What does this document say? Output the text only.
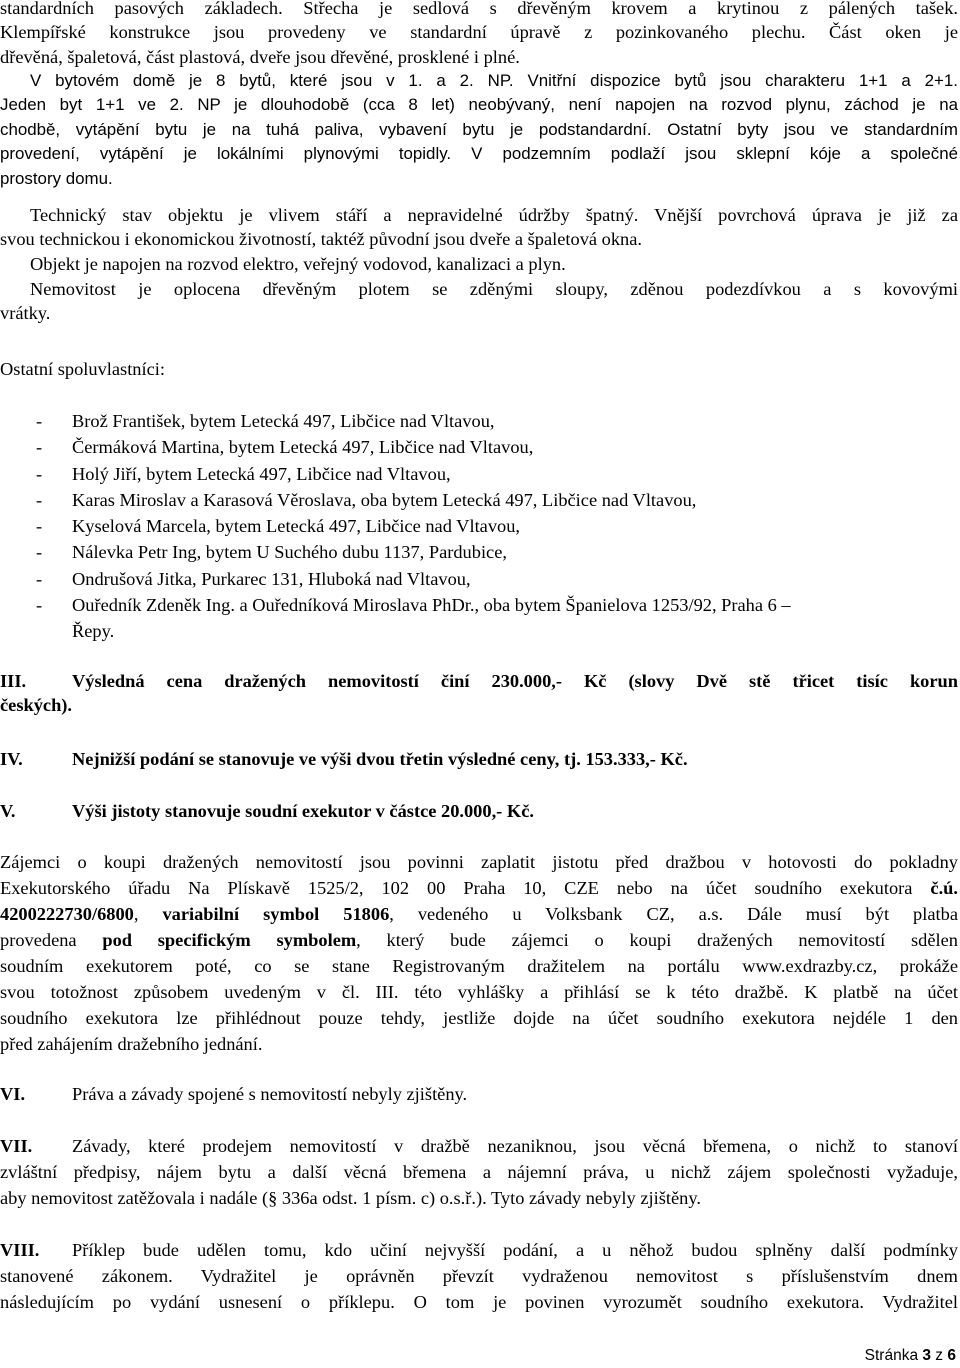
standardních pasových základech. Střecha je sedlová s dřevěným krovem a krytinou z pálených tašek.
Klempířské konstrukce jsou provedeny ve standardní úpravě z pozinkovaného plechu. Část oken je
dřevěná, špaletová, část plastová, dveře jsou dřevěné, prosklené i plné.
V bytovém domě je 8 bytů, které jsou v 1. a 2. NP. Vnitřní dispozice bytů jsou charakteru 1+1 a 2+1.
Jeden byt 1+1 ve 2. NP je dlouhodobě (cca 8 let) neobývaný, není napojen na rozvod plynu, záchod je na
chodbě, vytápění bytu je na tuhá paliva, vybavení bytu je podstandardní. Ostatní byty jsou ve standardním
provedení, vytápění je lokálními plynovými topidly. V podzemním podlaží jsou sklepní kóje a společné
prostory domu.
Technický stav objektu je vlivem stáří a nepravidelné údržby špatný. Vnější povrchová úprava je již za
svou technickou i ekonomickou životností, taktéž původní jsou dveře a špaletová okna.
Objekt je napojen na rozvod elektro, veřejný vodovod, kanalizaci a plyn.
Nemovitost je oplocena dřevěným plotem se zděnými sloupy, zděnou podezdívkou a s kovovými
vrátky.
Ostatní spoluvlastníci:
- Brož František, bytem Letecká 497, Libčice nad Vltavou,
- Čermáková Martina, bytem Letecká 497, Libčice nad Vltavou,
- Holý Jiří, bytem Letecká 497, Libčice nad Vltavou,
- Karas Miroslav a Karasová Věroslava, oba bytem Letecká 497, Libčice nad Vltavou,
- Kyselová Marcela, bytem Letecká 497, Libčice nad Vltavou,
- Nálevka Petr Ing, bytem U Suchého dubu 1137, Pardubice,
- Ondrušová Jitka, Purkarec 131, Hluboká nad Vltavou,
- Ouředník Zdeněk Ing. a Ouředníková Miroslava PhDr., oba bytem Španielova 1253/92, Praha 6 –
Řepy.
III.	Výsledná cena dražených nemovitostí činí 230.000,- Kč (slovy Dvě stě třicet tisíc korun
českých).
IV.	Nejnižší podání se stanovuje ve výši dvou třetin výsledné ceny, tj. 153.333,- Kč.
V.	Výši jistoty stanovuje soudní exekutor v částce 20.000,- Kč.
Zájemci o koupi dražených nemovitostí jsou povinni zaplatit jistotu před dražbou v hotovosti do pokladny
Exekutorského úřadu Na Plískavě 1525/2, 102 00 Praha 10, CZE nebo na účet soudního exekutora č.ú.
4200222730/6800, variabilní symbol 51806, vedeného u Volksbank CZ, a.s. Dále musí být platba
provedena pod specifickým symbolem, který bude zájemci o koupi dražených nemovitostí sdělen
soudním exekutorem poté, co se stane Registrovaným dražitelem na portálu www.exdrazby.cz, prokáže
svou totožnost způsobem uvedeným v čl. III. této vyhlášky a přihlásí se k této dražbě. K platbě na účet
soudního exekutora lze přihlédnout pouze tehdy, jestliže dojde na účet soudního exekutora nejdéle 1 den
před zahájením dražebního jednání.
VI.	Práva a závady spojené s nemovitostí nebyly zjištěny.
VII.	Závady, které prodejem nemovitostí v dražbě nezaniknou, jsou věcná břemena, o nichž to stanoví
zvláštní předpisy, nájem bytu a další věcná břemena a nájemní práva, u nichž zájem společnosti vyžaduje,
aby nemovitost zatěžovala i nadále (§ 336a odst. 1 písm. c) o.s.ř.). Tyto závady nebyly zjištěny.
VIII.	Příklep bude udělen tomu, kdo učiní nejvyšší podání, a u něhož budou splněny další podmínky
stanovené zákonem. Vydražitel je oprávněn převzít vydraženou nemovitost s příslušenstvím dnem
následujícím po vydání usnesení o příklepu. O tom je povinen vyrozumět soudního exekutora. Vydražitel
Stránka 3 z 6
